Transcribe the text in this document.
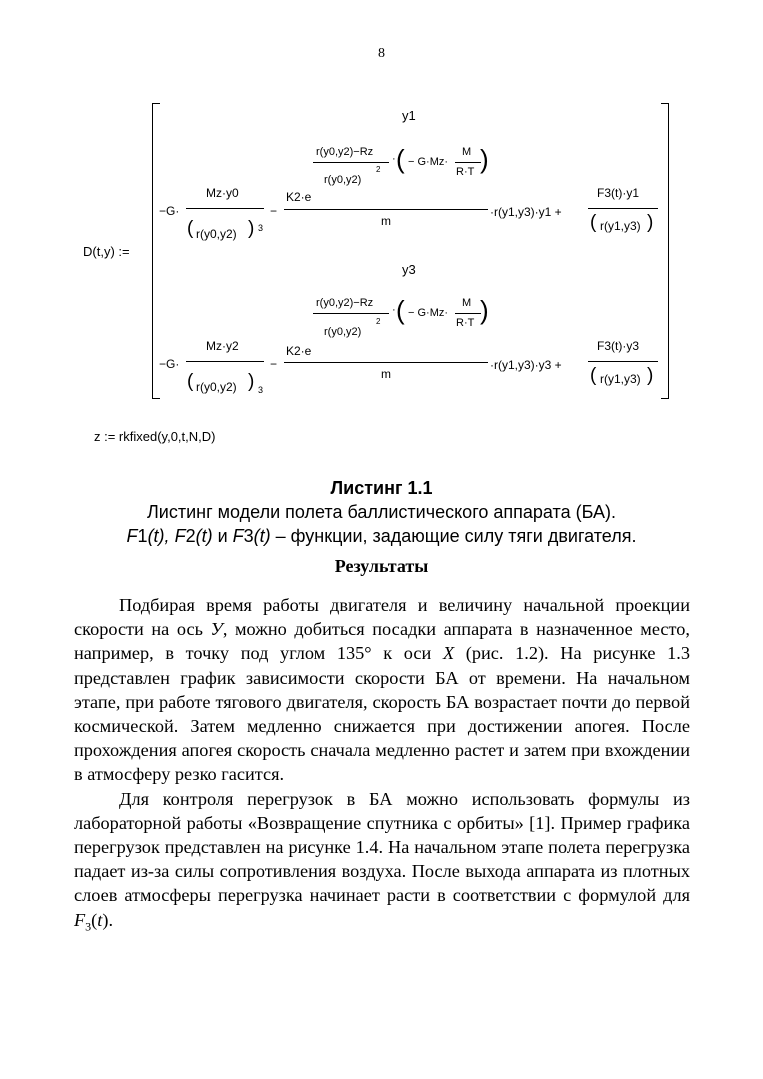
8
D(t,y) :=
y1
−G·
Mz·y0
( r(y0,y2) ) 3
−
K2·e
r(y0,y2)−Rz
r(y0,y2)
2 (
· − G·Mz·
M
R·T )
m
·r(y1,y3)·y1 +
F3(t)·y1
( r(y1,y3) )
y3
−G·
Mz·y2
( r(y0,y2) ) 3
−
K2·e
r(y0,y2)−Rz
r(y0,y2)
2 (
· − G·Mz·
M
R·T )
m
·r(y1,y3)·y3 +
F3(t)·y3
( r(y1,y3) )
z := rkfixed(y,0,t,N,D)
Листинг 1.1
Листинг модели полета баллистического аппарата (БА).
F1(t), F2(t) и F3(t) – функции, задающие силу тяги двигателя.
Результаты

Подбирая время работы двигателя и величину начальной проекции скорости на ось У, можно добиться посадки аппарата в назначенное место, например, в точку под углом 135° к оси X (рис. 1.2). На рисунке 1.3 представлен график зависимости скорости БА от времени. На начальном этапе, при работе тягового двигателя, скорость БА возрастает почти до первой космической. Затем медленно снижается при достижении апогея. После прохождения апогея скорость сначала медленно растет и затем при вхождении в атмосферу резко гасится.

Для контроля перегрузок в БА можно использовать формулы из лабораторной работы «Возвращение спутника с орбиты» [1]. Пример графика перегрузок представлен на рисунке 1.4. На начальном этапе полета перегрузка падает из-за силы сопротивления воздуха. После выхода аппарата из плотных слоев атмосферы перегрузка начинает расти в соответствии с формулой для $F_3(t)$.
